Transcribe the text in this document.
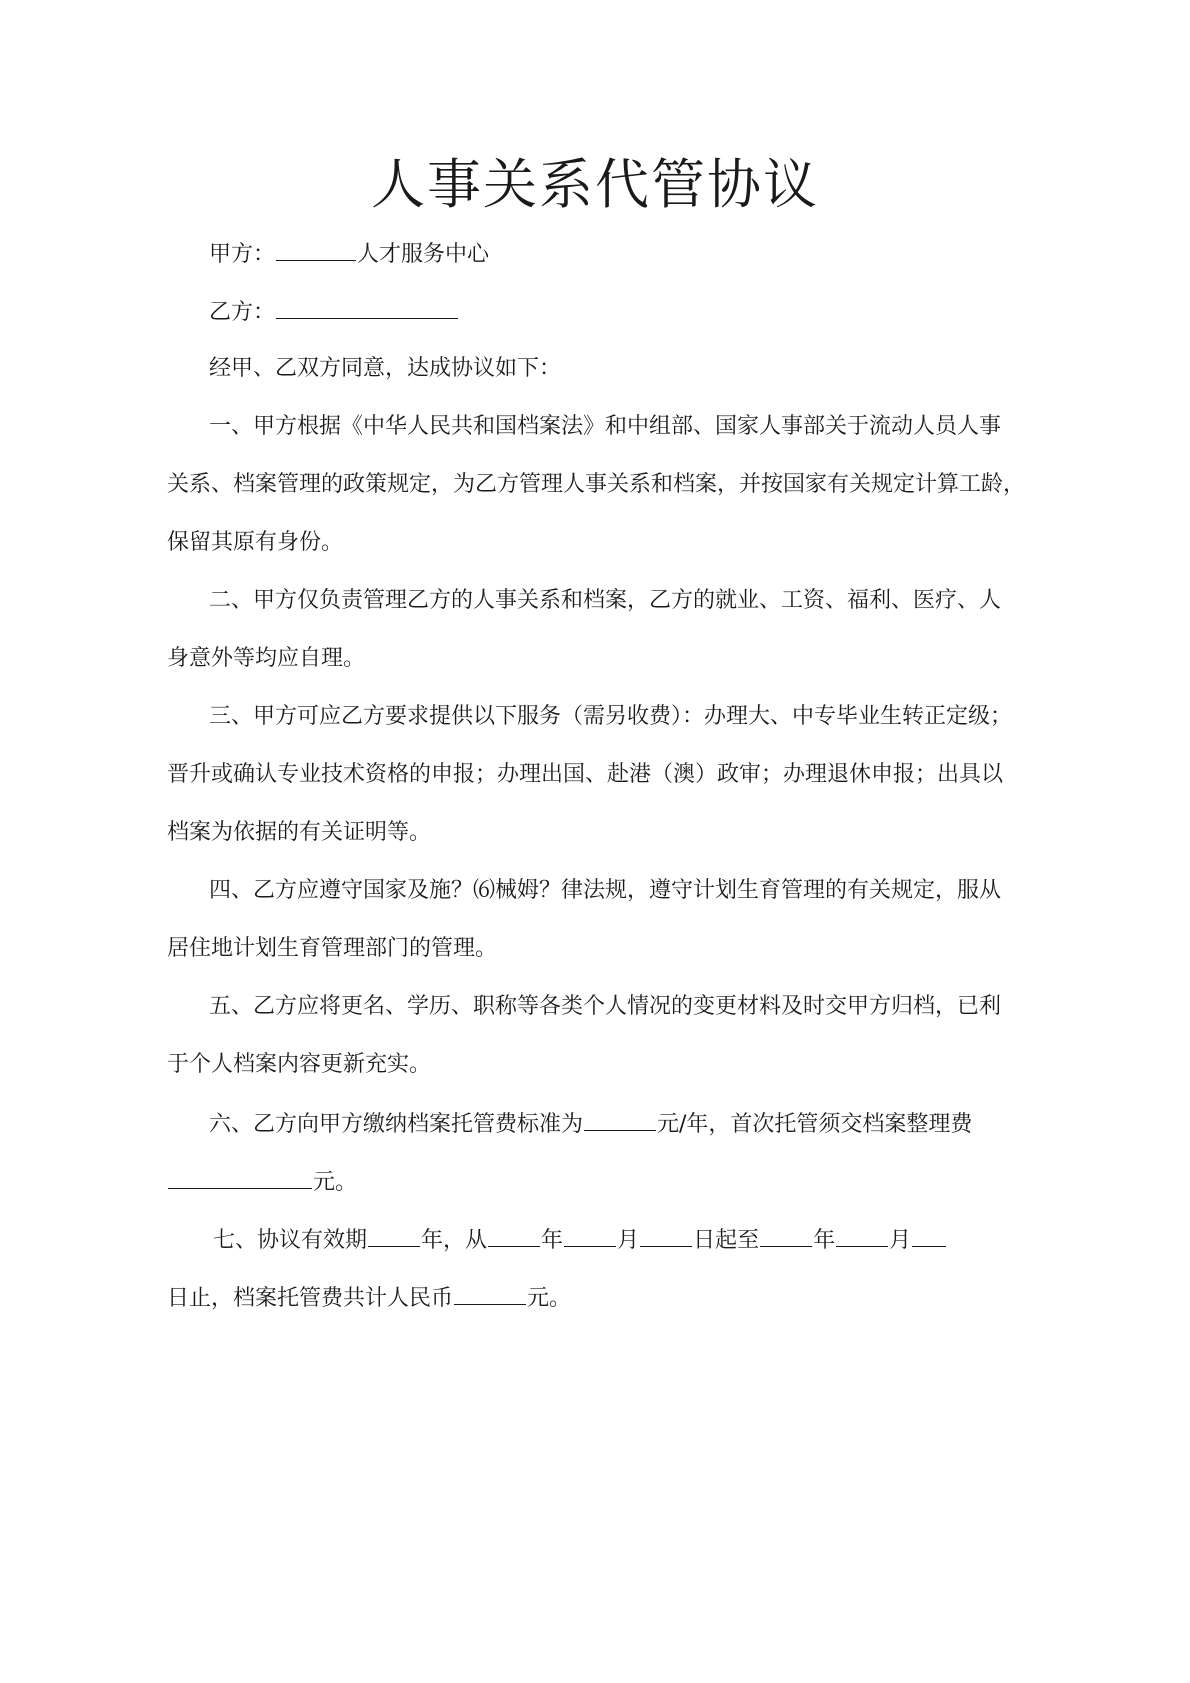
人事关系代管协议
甲方：	人才服务中心
乙方：
经甲、乙双方同意，达成协议如下：
一、甲方根据《中华人民共和国档案法》和中组部、国家人事部关于流动人员人事
关系、档案管理的政策规定，为乙方管理人事关系和档案，并按国家有关规定计算工龄，
保留其原有身份。
二、甲方仅负责管理乙方的人事关系和档案，乙方的就业、工资、福利、医疗、人
身意外等均应自理。
三、甲方可应乙方要求提供以下服务（需另收费）：办理大、中专毕业生转正定级；
晋升或确认专业技术资格的申报；办理出国、赴港（澳）政审；办理退休申报；出具以
档案为依据的有关证明等。
四、乙方应遵守国家及施？⑹械姆？律法规，遵守计划生育管理的有关规定，服从
居住地计划生育管理部门的管理。
五、乙方应将更名、学历、职称等各类个人情况的变更材料及时交甲方归档，已利
于个人档案内容更新充实。
六、乙方向甲方缴纳档案托管费标准为	元/年，首次托管须交档案整理费
元。
七、协议有效期 年，从 年 月 日起至 年 月
日止，档案托管费共计人民币	元。
